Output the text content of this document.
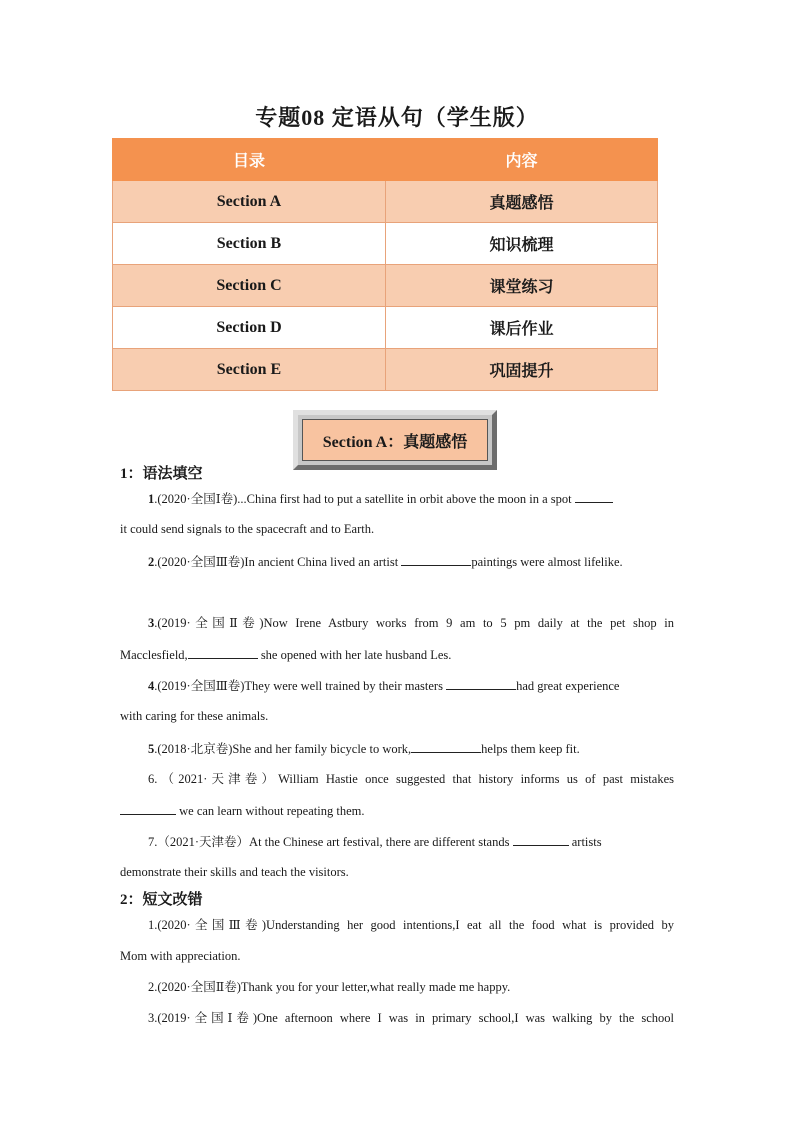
专题08 定语从句（学生版）
目录	内容
Section A	真题感悟
Section B	知识梳理
Section C	课堂练习
Section D	课后作业
Section E	巩固提升
Section A：真题感悟
1：语法填空
1.(2020·全国Ⅰ卷)...China first had to put a satellite in orbit above the moon in a spot
it could send signals to the spacecraft and to Earth.
2.(2020·全国Ⅲ卷)In ancient China lived an artist	paintings were almost lifelike.
3.(2019·全国Ⅱ卷)Now Irene Astbury works from 9 am to 5 pm daily at the pet shop in
Macclesfield,	she opened with her late husband Les.
4.(2019·全国Ⅲ卷)They were well trained by their masters	had great experience
with caring for these animals.
5.(2018·北京卷)She and her family bicycle to work,	helps them keep fit.
6.（2021·天津卷）William Hastie once suggested that history informs us of past mistakes
we can learn without repeating them.
7.（2021·天津卷）At the Chinese art festival, there are different stands	artists
demonstrate their skills and teach the visitors.
2：短文改错
1.(2020·全国Ⅲ卷)Understanding her good intentions,I eat all the food what is provided by
Mom with appreciation.
2.(2020·全国Ⅱ卷)Thank you for your letter,what really made me happy.
3.(2019·全国Ⅰ卷)One afternoon where I was in primary school,I was walking by the school
